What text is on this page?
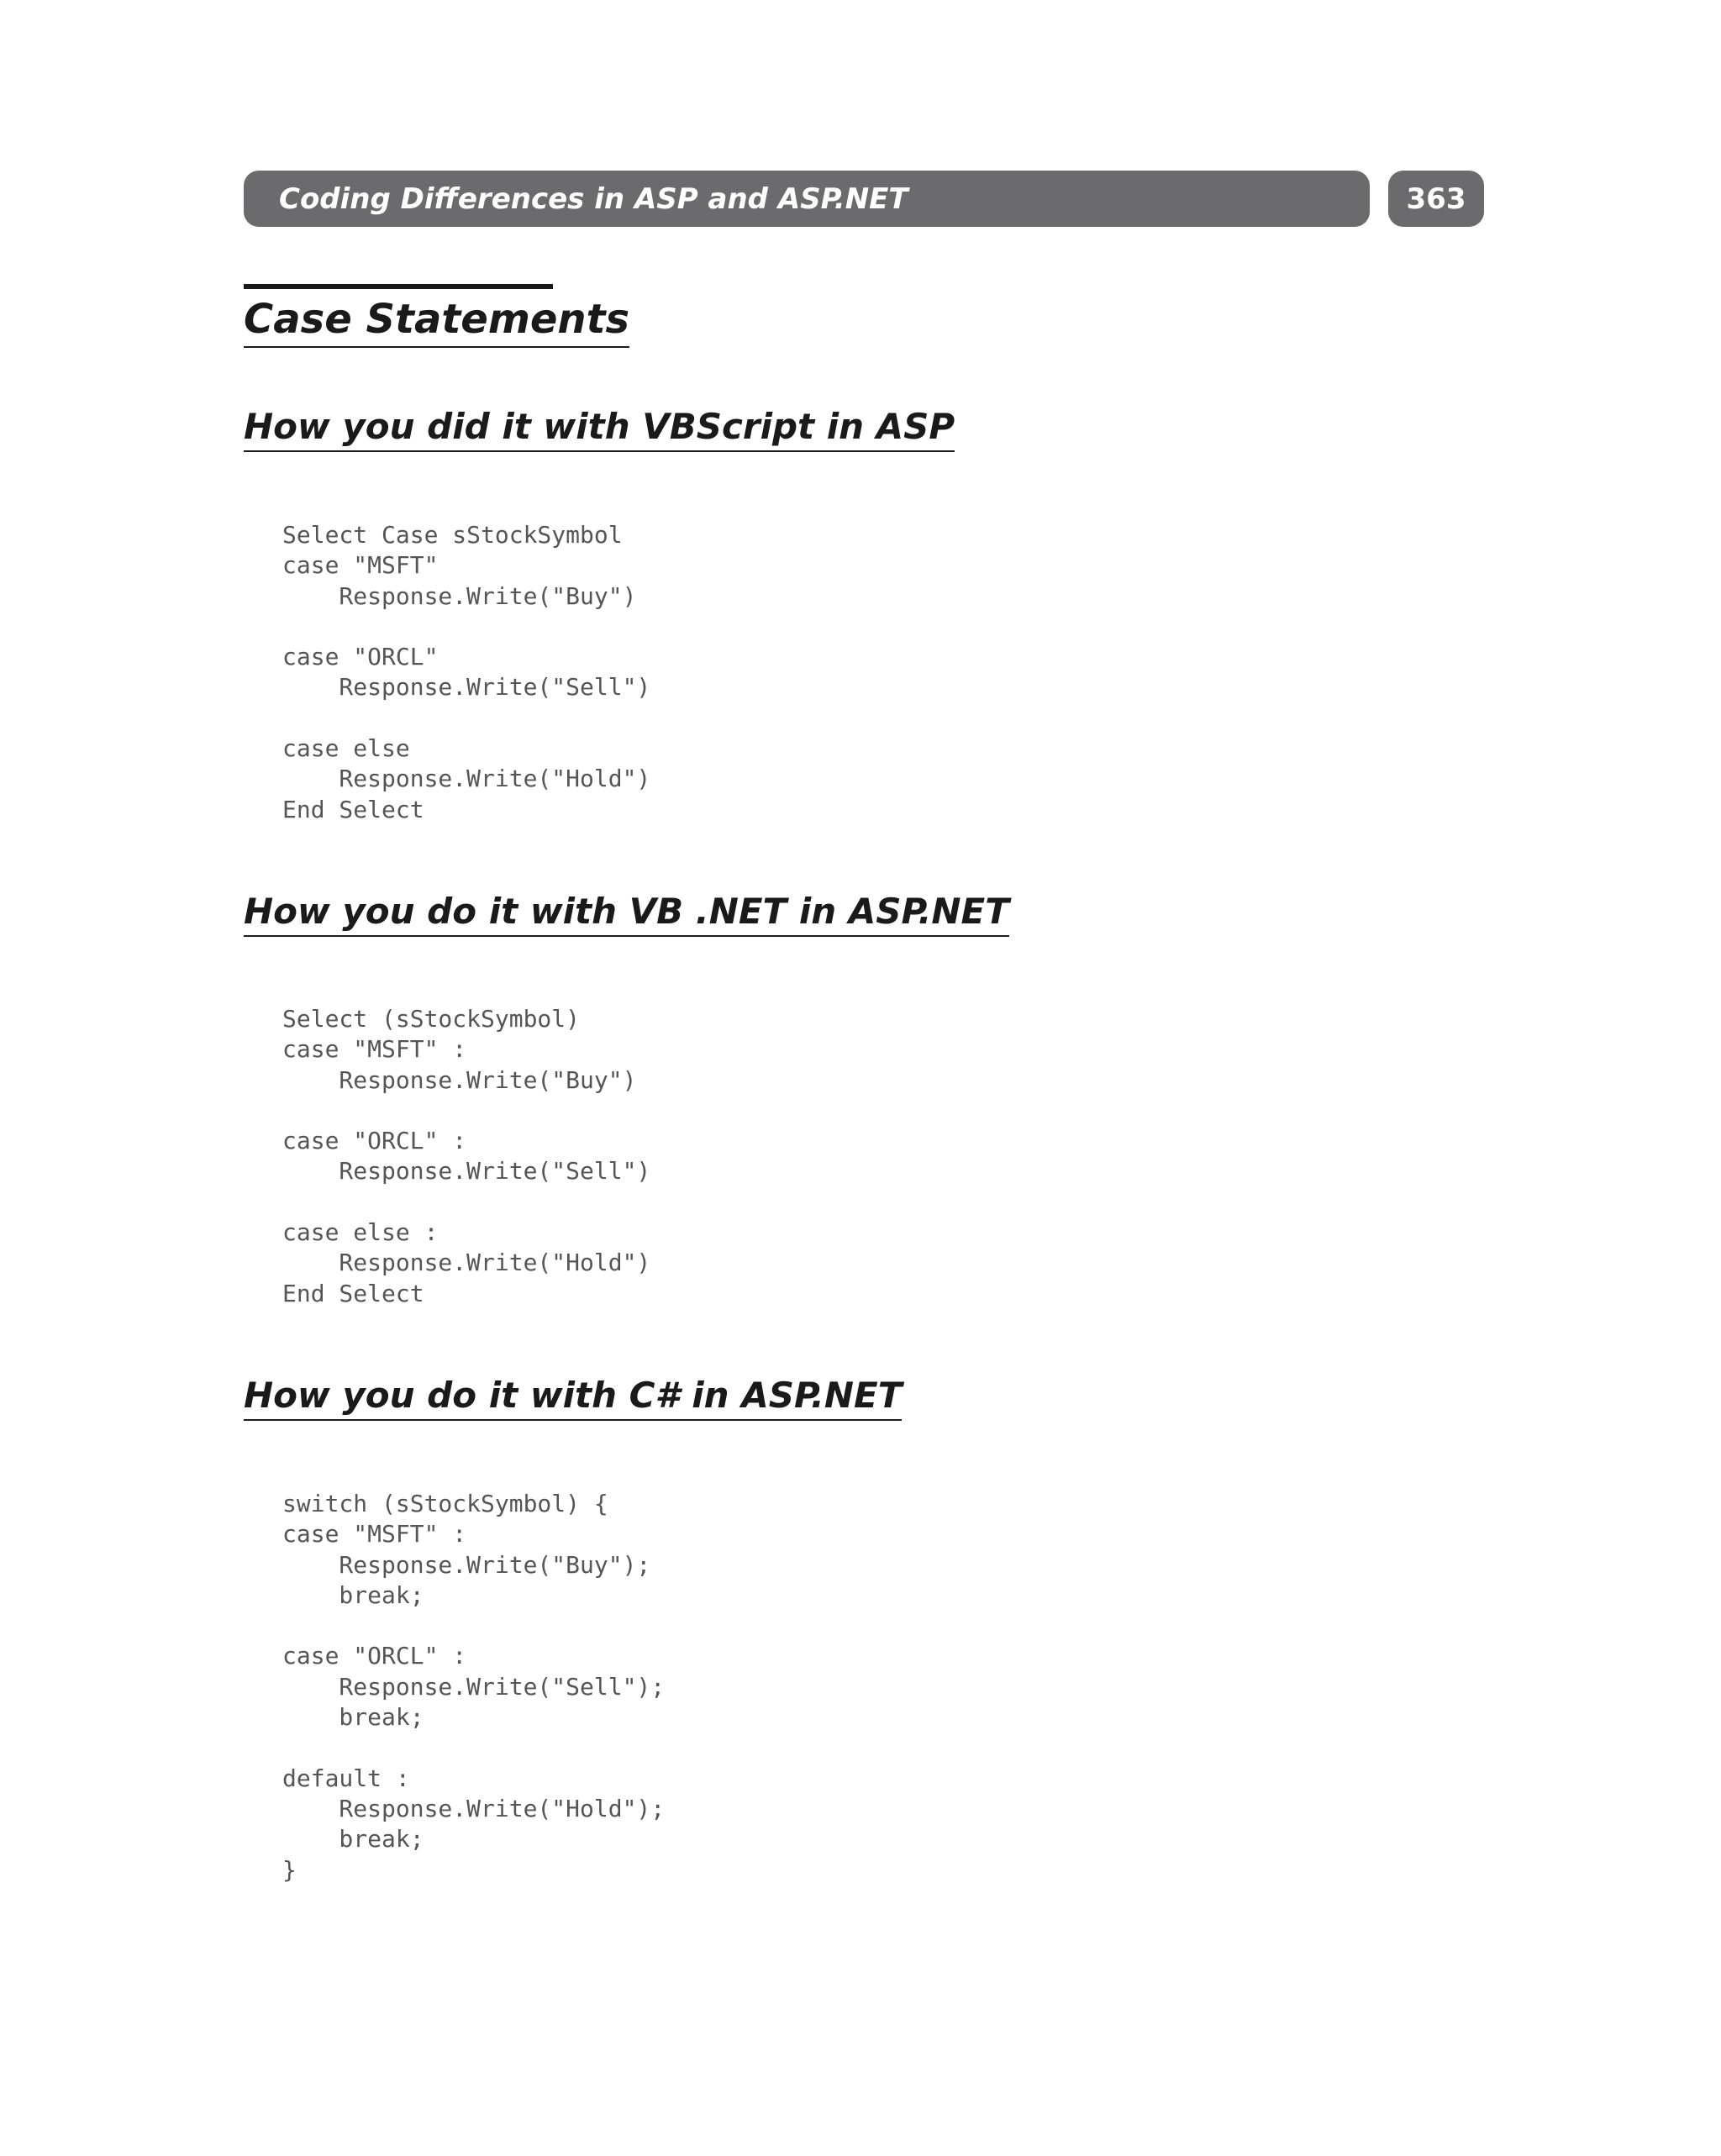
Coding Differences in ASP and ASP.NET	363
Case Statements
How you did it with VBScript in ASP
Select Case sStockSymbol
case "MSFT"
Response.Write("Buy")

case "ORCL"
Response.Write("Sell")

case else
Response.Write("Hold")
End Select
How you do it with VB .NET in ASP.NET
Select (sStockSymbol)
case "MSFT" :
Response.Write("Buy")

case "ORCL" :
Response.Write("Sell")

case else :
Response.Write("Hold")
End Select
How you do it with C# in ASP.NET
switch (sStockSymbol) {
case "MSFT" :
Response.Write("Buy");
break;

case "ORCL" :
Response.Write("Sell");
break;

default :
Response.Write("Hold");
break;
}
